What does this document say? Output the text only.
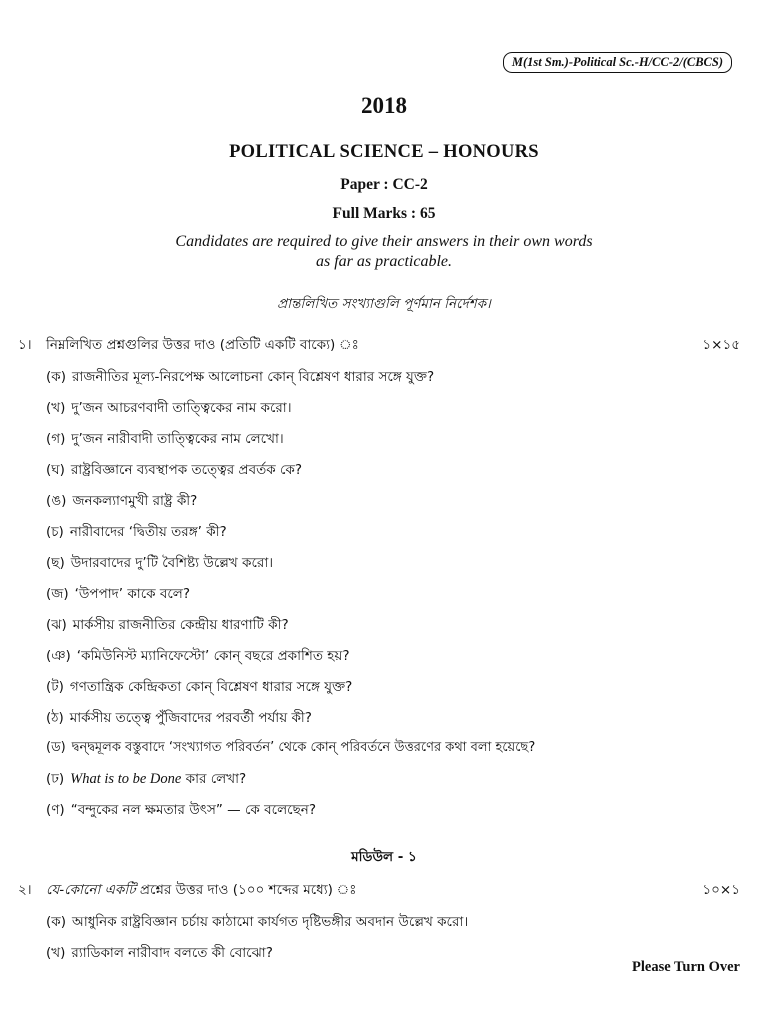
M(1st Sm.)-Political Sc.-H/CC-2/(CBCS)
2018
POLITICAL SCIENCE – HONOURS
Paper : CC-2
Full Marks : 65
Candidates are required to give their answers in their own words
as far as practicable.
প্রান্তলিখিত সংখ্যাগুলি পূর্ণমান নির্দেশক।
১। নিম্নলিখিত প্রশ্নগুলির উত্তর দাও (প্রতিটি একটি বাক্যে) ঃ	১×১৫
(ক) রাজনীতির মূল্য-নিরপেক্ষ আলোচনা কোন্ বিশ্লেষণ ধারার সঙ্গে যুক্ত?
(খ) দু’জন আচরণবাদী তাত্ত্বিকের নাম করো।
(গ) দু’জন নারীবাদী তাত্ত্বিকের নাম লেখো।
(ঘ) রাষ্ট্রবিজ্ঞানে ব্যবস্থাপক তত্ত্বের প্রবর্তক কে?
(ঙ) জনকল্যাণমুখী রাষ্ট্র কী?
(চ) নারীবাদের ‘দ্বিতীয় তরঙ্গ’ কী?
(ছ) উদারবাদের দু’টি বৈশিষ্ট্য উল্লেখ করো।
(জ) ‘উপপাদ’ কাকে বলে?
(ঝ) মার্কসীয় রাজনীতির কেন্দ্রীয় ধারণাটি কী?
(ঞ) ‘কমিউনিস্ট ম্যানিফেস্টো’ কোন্ বছরে প্রকাশিত হয়?
(ট) গণতান্ত্রিক কেন্দ্রিকতা কোন্ বিশ্লেষণ ধারার সঙ্গে যুক্ত?
(ঠ) মার্কসীয় তত্ত্বে পুঁজিবাদের পরবর্তী পর্যায় কী?
(ড) দ্বন্দ্বমূলক বস্তুবাদে ‘সংখ্যাগত পরিবর্তন’ থেকে কোন্ পরিবর্তনে উত্তরণের কথা বলা হয়েছে?
(ঢ) What is to be Done কার লেখা?
(ণ) “বন্দুকের নল ক্ষমতার উৎস” — কে বলেছেন?
মডিউল - ১
২। যে-কোনো একটি প্রশ্নের উত্তর দাও (১০০ শব্দের মধ্যে) ঃ	১০×১
(ক) আধুনিক রাষ্ট্রবিজ্ঞান চর্চায় কাঠামো কার্যগত দৃষ্টিভঙ্গীর অবদান উল্লেখ করো।
(খ) র‍্যাডিকাল নারীবাদ বলতে কী বোঝো?
Please Turn Over
